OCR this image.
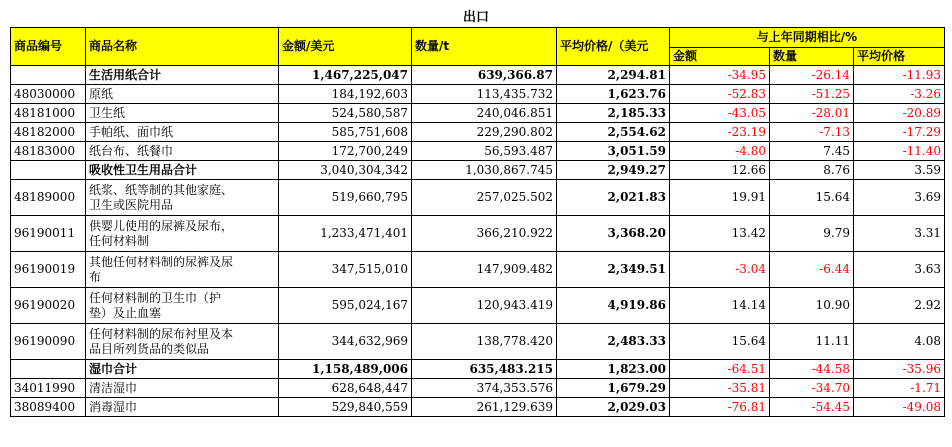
出口
商品编号	商品名称	金额/美元	数量/t	平均价格/（美元	与上年同期相比/%		
					金额	数量	平均价格
	生活用纸合计	1,467,225,047	639,366.87	2,294.81	-34.95	-26.14	-11.93
48030000	原纸	184,192,603	113,435.732	1,623.76	-52.83	-51.25	-3.26
48181000	卫生纸	524,580,587	240,046.851	2,185.33	-43.05	-28.01	-20.89
48182000	手帕纸、面巾纸	585,751,608	229,290.802	2,554.62	-23.19	-7.13	-17.29
48183000	纸台布、纸餐巾	172,700,249	56,593.487	3,051.59	-4.80	7.45	-11.40
	吸收性卫生用品合计	3,040,304,342	1,030,867.745	2,949.27	12.66	8.76	3.59
48189000	纸浆、纸等制的其他家庭、
卫生或医院用品	519,660,795	257,025.502	2,021.83	19.91	15.64	3.69
96190011	供婴儿使用的尿裤及尿布，
任何材料制	1,233,471,401	366,210.922	3,368.20	13.42	9.79	3.31
96190019	其他任何材料制的尿裤及尿
布	347,515,010	147,909.482	2,349.51	-3.04	-6.44	3.63
96190020	任何材料制的卫生巾（护
垫）及止血塞	595,024,167	120,943.419	4,919.86	14.14	10.90	2.92
96190090	任何材料制的尿布衬里及本
品目所列货品的类似品	344,632,969	138,778.420	2,483.33	15.64	11.11	4.08
	湿巾合计	1,158,489,006	635,483.215	1,823.00	-64.51	-44.58	-35.96
34011990	清洁湿巾	628,648,447	374,353.576	1,679.29	-35.81	-34.70	-1.71
38089400	消毒湿巾	529,840,559	261,129.639	2,029.03	-76.81	-54.45	-49.08
